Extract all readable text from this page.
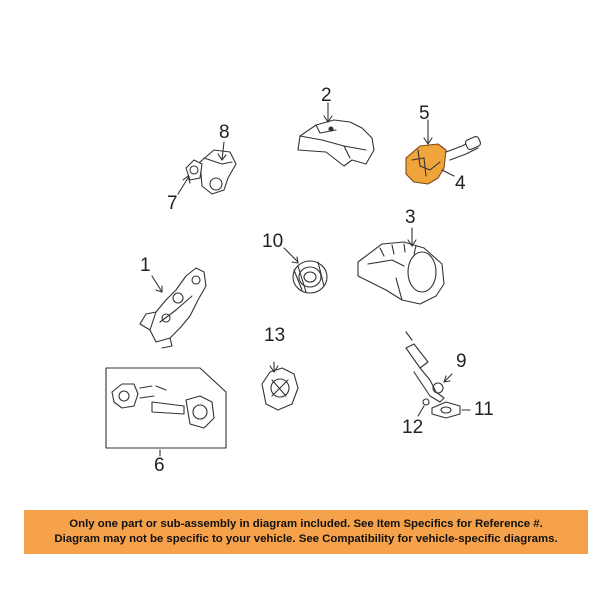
1
2
3
4
5
6
7
8
9
10
11
12
13
Only one part or sub-assembly in diagram included. See Item Specifics for Reference #.
Diagram may not be specific to your vehicle. See Compatibility for vehicle-specific diagrams.
